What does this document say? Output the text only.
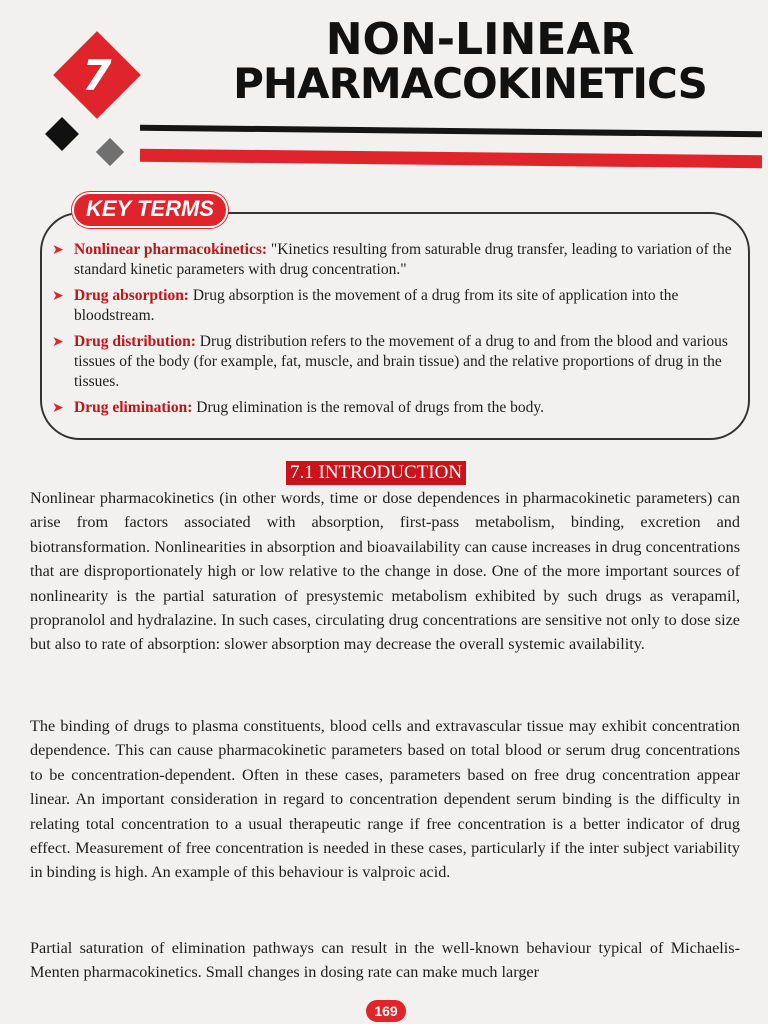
7
NON-LINEAR
PHARMACOKINETICS
KEY TERMS
➤ Nonlinear pharmacokinetics: "Kinetics resulting from saturable drug transfer, leading to variation of the standard kinetic parameters with drug concentration."
➤ Drug absorption: Drug absorption is the movement of a drug from its site of application into the bloodstream.
➤ Drug distribution: Drug distribution refers to the movement of a drug to and from the blood and various tissues of the body (for example, fat, muscle, and brain tissue) and the relative proportions of drug in the tissues.
➤ Drug elimination: Drug elimination is the removal of drugs from the body.
7.1 INTRODUCTION

Nonlinear pharmacokinetics (in other words, time or dose dependences in pharmacokinetic parameters) can arise from factors associated with absorption, first-pass metabolism, binding, excretion and biotransformation. Nonlinearities in absorption and bioavailability can cause increases in drug concentrations that are disproportionately high or low relative to the change in dose. One of the more important sources of nonlinearity is the partial saturation of presystemic metabolism exhibited by such drugs as verapamil, propranolol and hydralazine. In such cases, circulating drug concentrations are sensitive not only to dose size but also to rate of absorption: slower absorption may decrease the overall systemic availability.

The binding of drugs to plasma constituents, blood cells and extravascular tissue may exhibit concentration dependence. This can cause pharmacokinetic parameters based on total blood or serum drug concentrations to be concentration-dependent. Often in these cases, parameters based on free drug concentration appear linear. An important consideration in regard to concentration dependent serum binding is the difficulty in relating total concentration to a usual therapeutic range if free concentration is a better indicator of drug effect. Measurement of free concentration is needed in these cases, particularly if the inter subject variability in binding is high. An example of this behaviour is valproic acid.

Partial saturation of elimination pathways can result in the well-known behaviour typical of Michaelis-Menten pharmacokinetics. Small changes in dosing rate can make much larger

169
